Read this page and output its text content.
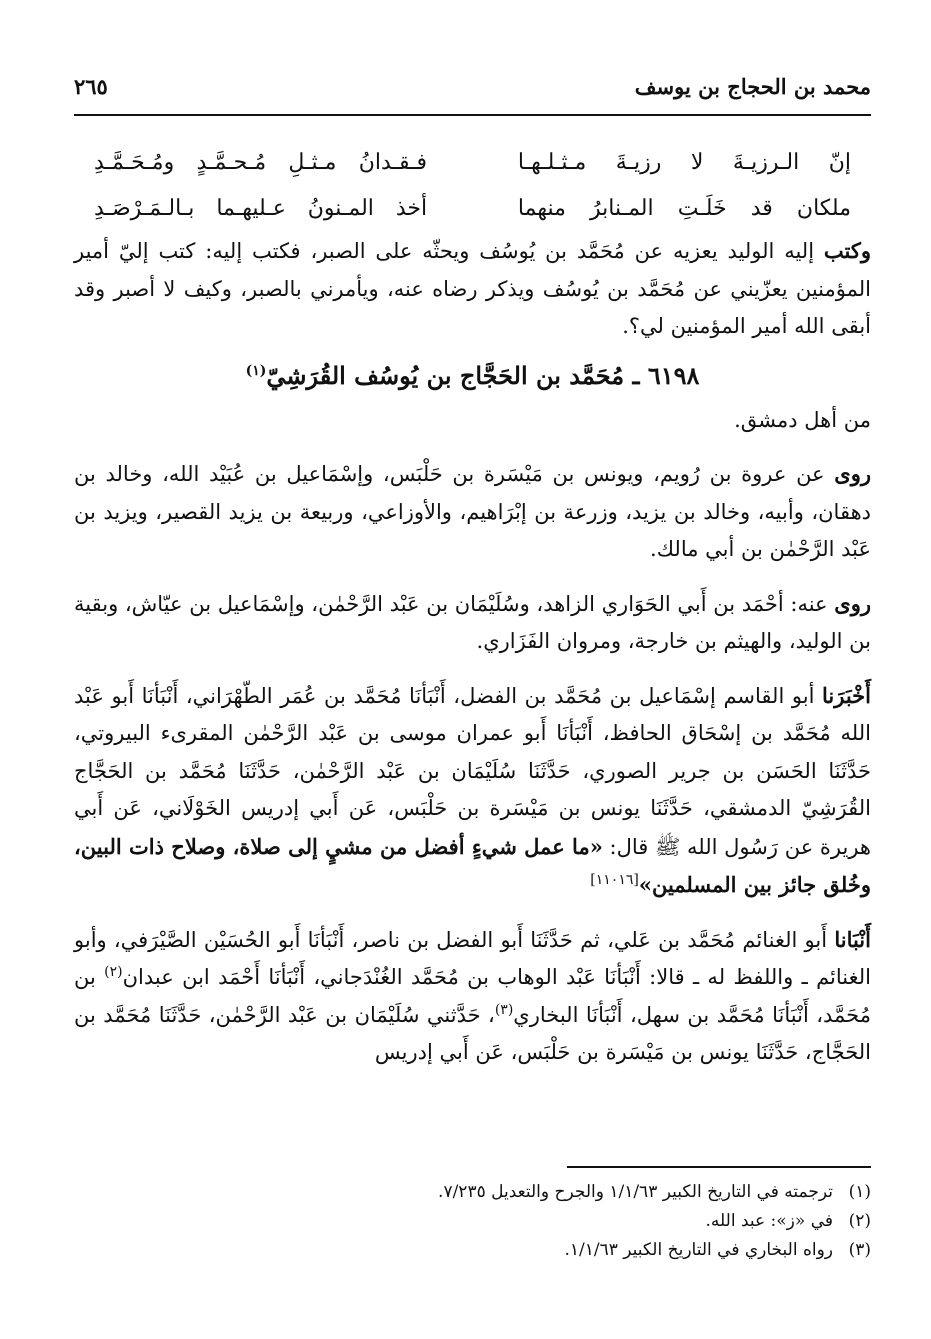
محمد بن الحجاج بن يوسف
٢٦٥
إنّ الـرزيـةَ لا رزيـةَ مـثـلـهـا
فـقـدانُ مـثـلِ مُـحـمَّـدٍ ومُـحَـمَّـدِ
ملكان قد خَلَـتِ المـنابرُ منهما
أخذ المـنونُ عـليهـما بـالـمَـرْصَـدِ

وكتب إليه الوليد يعزيه عن مُحَمَّد بن يُوسُف ويحثّه على الصبر، فكتب إليه: كتب إليّ أمير المؤمنين يعزّيني عن مُحَمَّد بن يُوسُف ويذكر رضاه عنه، ويأمرني بالصبر، وكيف لا أصبر وقد أبقى الله أمير المؤمنين لي؟.

٦١٩٨ ـ مُحَمَّد بن الحَجَّاج بن يُوسُف القُرَشِيّ$^{(١)}$

من أهل دمشق.

روى عن عروة بن رُويم، ويونس بن مَيْسَرة بن حَلْبَس، وإسْمَاعيل بن عُبَيْد الله، وخالد بن دهقان، وأبيه، وخالد بن يزيد، وزرعة بن إبْرَاهيم، والأوزاعي، وربيعة بن يزيد القصير، ويزيد بن عَبْد الرَّحْمٰن بن أبي مالك.

روى عنه: أحْمَد بن أَبي الحَوَاري الزاهد، وسُلَيْمَان بن عَبْد الرَّحْمٰن، وإسْمَاعيل بن عيّاش، وبقية بن الوليد، والهيثم بن خارجة، ومروان الفَزَاري.

أَخْبَرَنا أبو القاسم إسْمَاعيل بن مُحَمَّد بن الفضل، أَنْبَأنَا مُحَمَّد بن عُمَر الطّهْرَاني، أَنْبَأنَا أَبو عَبْد الله مُحَمَّد بن إسْحَاق الحافظ، أَنْبَأنَا أَبو عمران موسى بن عَبْد الرَّحْمٰن المقرىء البيروتي، حَدَّثَنَا الحَسَن بن جرير الصوري، حَدَّثَنَا سُلَيْمَان بن عَبْد الرَّحْمٰن، حَدَّثَنَا مُحَمَّد بن الحَجَّاج القُرَشِيّ الدمشقي، حَدَّثَنَا يونس بن مَيْسَرة بن حَلْبَس، عَن أَبي إدريس الخَوْلَاني، عَن أَبي هريرة عن رَسُول الله ﷺ قال: «ما عمل شيءٍ أفضل من مشيٍ إلى صلاة، وصلاح ذات البين، وخُلق جائز بين المسلمين»[١١٠١٦]

أَنْبَانا أَبو الغنائم مُحَمَّد بن عَلي، ثم حَدَّثَنَا أَبو الفضل بن ناصر، أَنْبَأنَا أَبو الحُسَيْن الصَّيْرَفي، وأبو الغنائم ـ واللفظ له ـ قالا: أَنْبَأنَا عَبْد الوهاب بن مُحَمَّد الغُنْدَجاني، أَنْبَأنَا أَحْمَد ابن عبدان$^{(٢)}$ بن مُحَمَّد، أَنْبَأنَا مُحَمَّد بن سهل، أَنْبَأنَا البخاري$^{(٣)}$، حَدَّثني سُلَيْمَان بن عَبْد الرَّحْمٰن، حَدَّثَنَا مُحَمَّد بن الحَجَّاج، حَدَّثَنَا يونس بن مَيْسَرة بن حَلْبَس، عَن أَبي إدريس

(١)
ترجمته في التاريخ الكبير ١/١/٦٣ والجرح والتعديل ٧/٢٣٥.
(٢)
في «ز»: عبد الله.
(٣)
رواه البخاري في التاريخ الكبير ١/١/٦٣.
